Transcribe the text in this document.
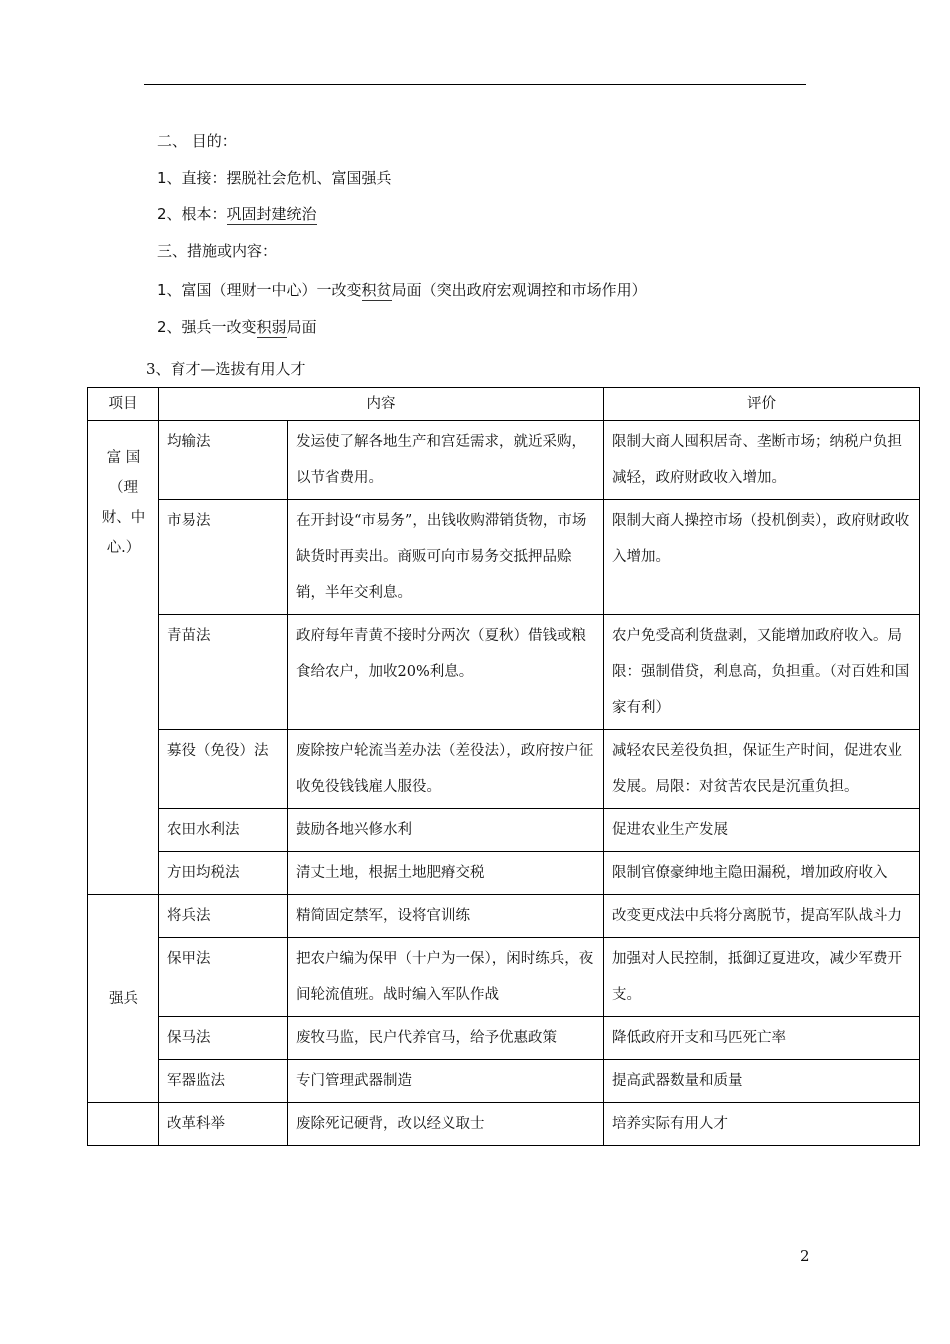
二、 目的：
1、直接：摆脱社会危机、富国强兵
2、根本：巩固封建统治
三、措施或内容：
1、富国（理财一中心）一改变积贫局面（突出政府宏观调控和市场作用）
2、强兵一改变积弱局面
3、育才—选拔有用人才
项目	内容		评价
富 国（理财、中心.）	均输法	发运使了解各地生产和宫廷需求，就近采购，以节省费用。	限制大商人囤积居奇、垄断市场；纳税户负担减轻，政府财政收入增加。
	市易法	在开封设“市易务”，出钱收购滞销货物，市场缺货时再卖出。商贩可向市易务交抵押品赊销，半年交利息。	限制大商人操控市场（投机倒卖），政府财政收入增加。
	青苗法	政府每年青黄不接时分两次（夏秋）借钱或粮食给农户，加收20%利息。	农户免受高利货盘剥，又能增加政府收入。局限：强制借贷，利息高，负担重。（对百姓和国家有利）
	募役（免役）法	废除按户轮流当差办法（差役法），政府按户征收免役钱钱雇人服役。	减轻农民差役负担，保证生产时间，促进农业发展。局限：对贫苦农民是沉重负担。
	农田水利法	鼓励各地兴修水利	促进农业生产发展
	方田均税法	清丈土地，根据土地肥瘠交税	限制官僚豪绅地主隐田漏税，增加政府收入
强兵	将兵法	精简固定禁军，设将官训练	改变更戍法中兵将分离脱节，提高军队战斗力
	保甲法	把农户编为保甲（十户为一保），闲时练兵，夜间轮流值班。战时编入军队作战	加强对人民控制，抵御辽夏进攻，减少军费开支。
	保马法	废牧马监，民户代养官马，给予优惠政策	降低政府开支和马匹死亡率
	军器监法	专门管理武器制造	提高武器数量和质量
	改革科举	废除死记硬背，改以经义取士	培养实际有用人才
2
